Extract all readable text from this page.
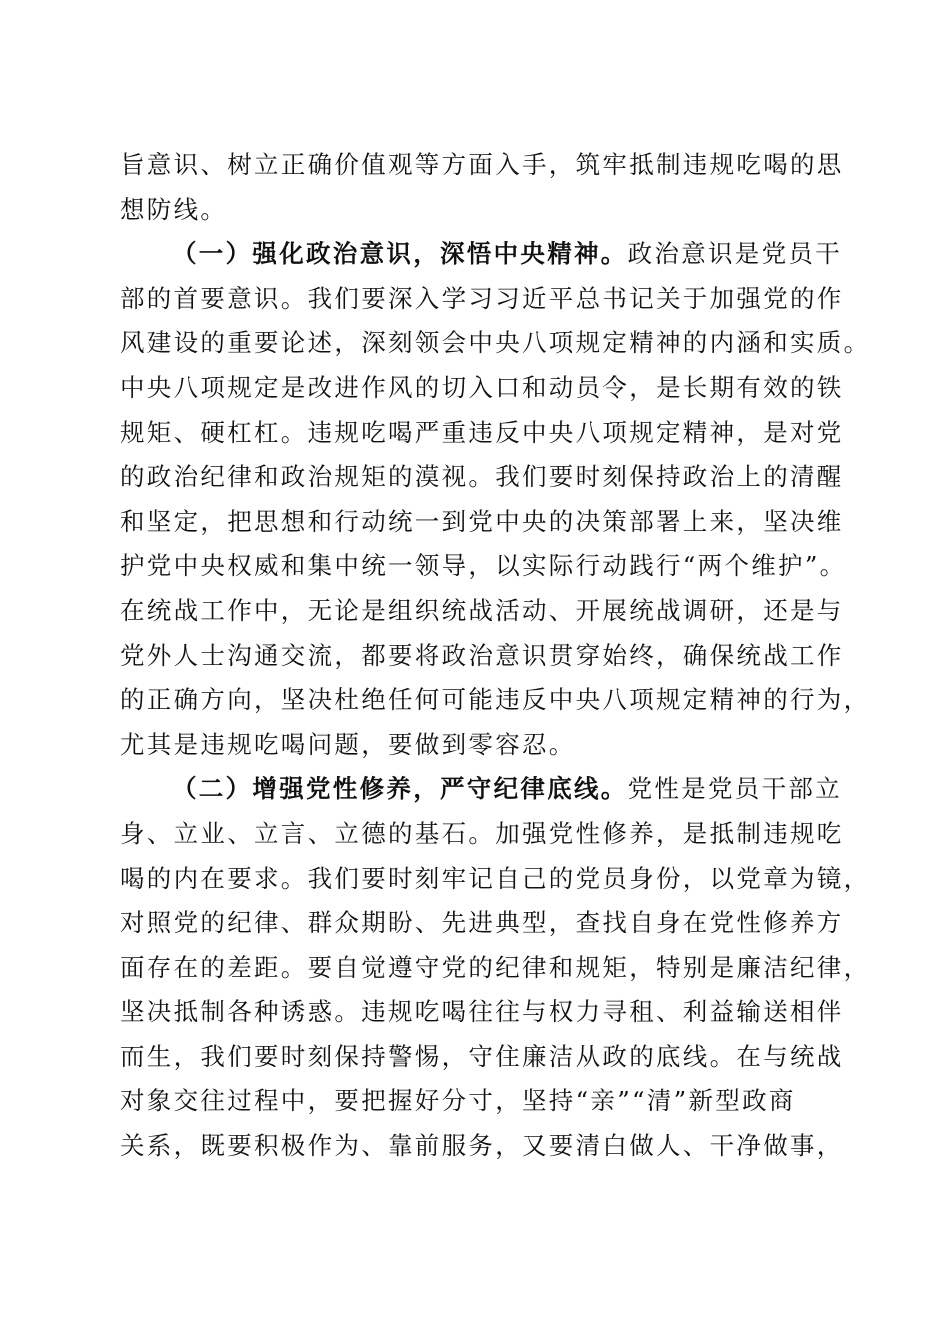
旨意识、树立正确价值观等方面入手，筑牢抵制违规吃喝的思
想防线。
（一）强化政治意识，深悟中央精神。政治意识是党员干
部的首要意识。我们要深入学习习近平总书记关于加强党的作
风建设的重要论述，深刻领会中央八项规定精神的内涵和实质。
中央八项规定是改进作风的切入口和动员令，是长期有效的铁
规矩、硬杠杠。违规吃喝严重违反中央八项规定精神，是对党
的政治纪律和政治规矩的漠视。我们要时刻保持政治上的清醒
和坚定，把思想和行动统一到党中央的决策部署上来，坚决维
护党中央权威和集中统一领导，以实际行动践行“两个维护”。
在统战工作中，无论是组织统战活动、开展统战调研，还是与
党外人士沟通交流，都要将政治意识贯穿始终，确保统战工作
的正确方向，坚决杜绝任何可能违反中央八项规定精神的行为，
尤其是违规吃喝问题，要做到零容忍。
（二）增强党性修养，严守纪律底线。党性是党员干部立
身、立业、立言、立德的基石。加强党性修养，是抵制违规吃
喝的内在要求。我们要时刻牢记自己的党员身份，以党章为镜，
对照党的纪律、群众期盼、先进典型，查找自身在党性修养方
面存在的差距。要自觉遵守党的纪律和规矩，特别是廉洁纪律，
坚决抵制各种诱惑。违规吃喝往往与权力寻租、利益输送相伴
而生，我们要时刻保持警惕，守住廉洁从政的底线。在与统战
对象交往过程中，要把握好分寸，坚持“亲”“清”新型政商
关系，既要积极作为、靠前服务，又要清白做人、干净做事，
